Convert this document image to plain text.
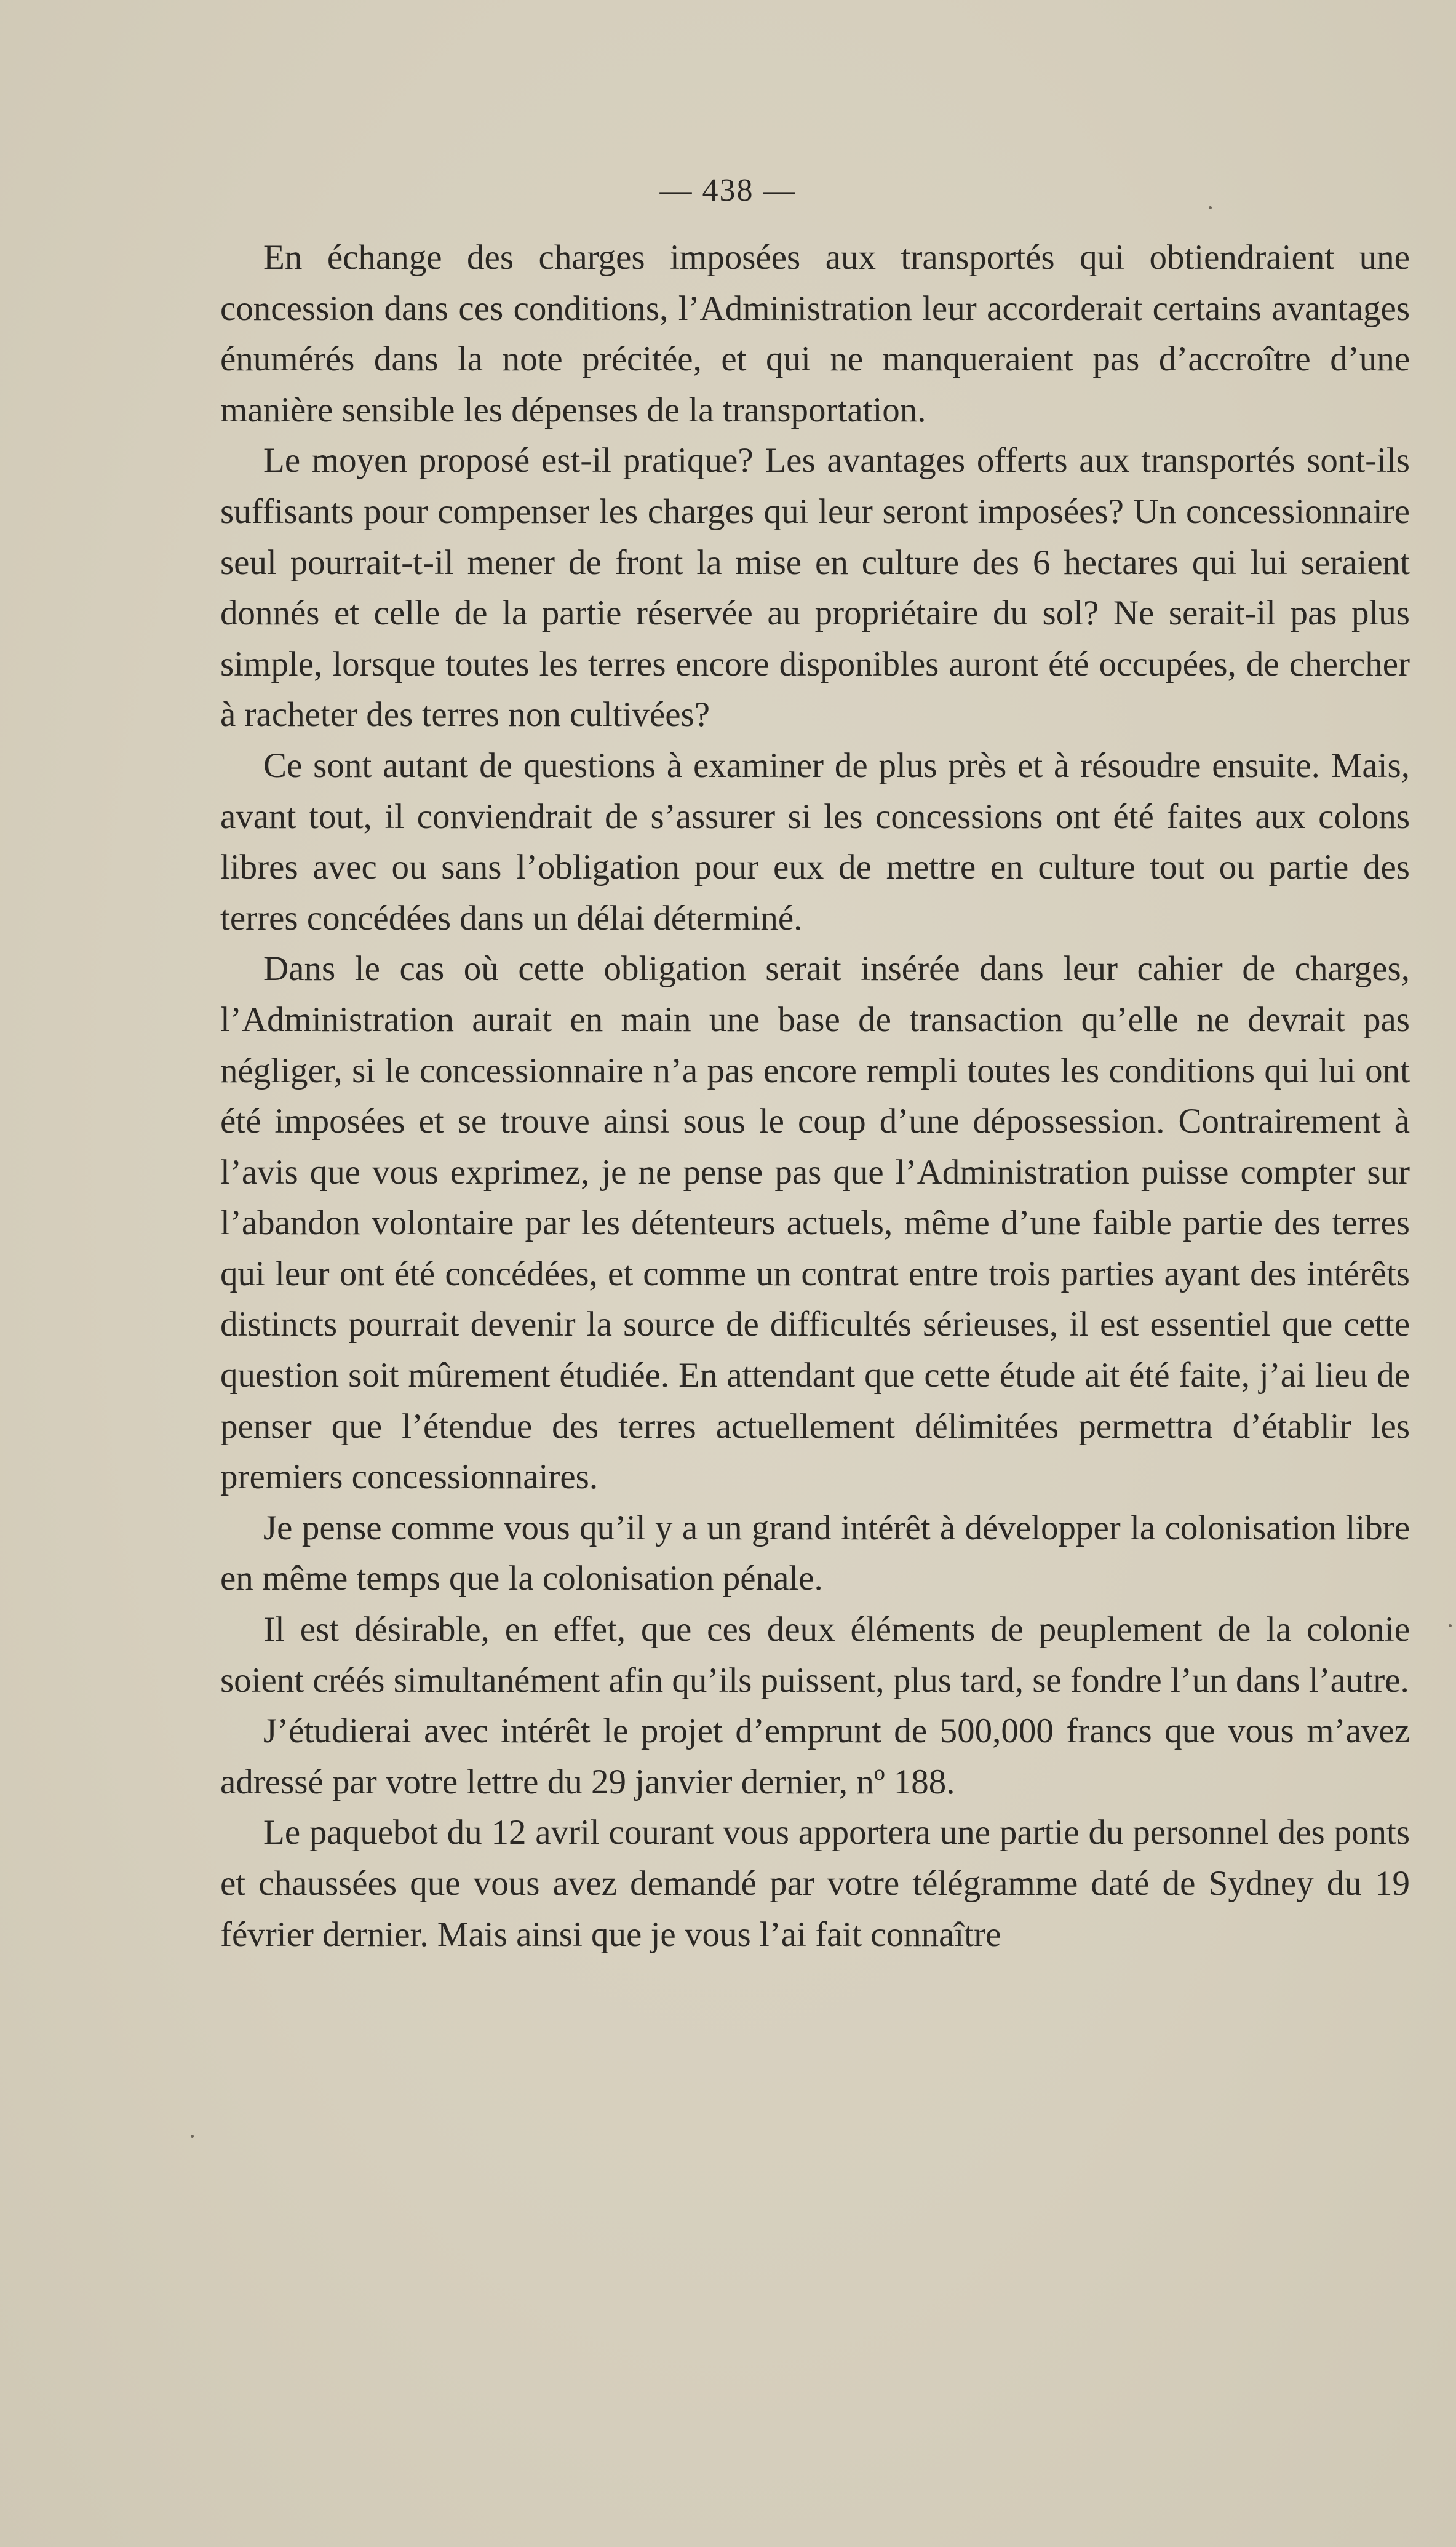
— 438 —

En échange des charges imposées aux transportés qui obtiendraient une concession dans ces conditions, l’Administration leur accorderait certains avantages énumérés dans la note précitée, et qui ne manqueraient pas d’accroître d’une manière sensible les dépenses de la transportation.

Le moyen proposé est-il pratique? Les avantages offerts aux transportés sont-ils suffisants pour compenser les charges qui leur seront imposées? Un concessionnaire seul pourrait-t-il mener de front la mise en culture des 6 hectares qui lui seraient donnés et celle de la partie réservée au propriétaire du sol? Ne serait-il pas plus simple, lorsque toutes les terres encore disponibles auront été occupées, de chercher à racheter des terres non cultivées?

Ce sont autant de questions à examiner de plus près et à résoudre ensuite. Mais, avant tout, il conviendrait de s’assurer si les concessions ont été faites aux colons libres avec ou sans l’obligation pour eux de mettre en culture tout ou partie des terres concédées dans un délai déterminé.

Dans le cas où cette obligation serait insérée dans leur cahier de charges, l’Administration aurait en main une base de transaction qu’elle ne devrait pas négliger, si le concessionnaire n’a pas encore rempli toutes les conditions qui lui ont été imposées et se trouve ainsi sous le coup d’une dépossession. Contrairement à l’avis que vous exprimez, je ne pense pas que l’Administration puisse compter sur l’abandon volontaire par les détenteurs actuels, même d’une faible partie des terres qui leur ont été concédées, et comme un contrat entre trois parties ayant des intérêts distincts pourrait devenir la source de difficultés sérieuses, il est essentiel que cette question soit mûrement étudiée. En attendant que cette étude ait été faite, j’ai lieu de penser que l’étendue des terres actuellement délimitées permettra d’établir les premiers concessionnaires.

Je pense comme vous qu’il y a un grand intérêt à développer la colonisation libre en même temps que la colonisation pénale.

Il est désirable, en effet, que ces deux éléments de peuplement de la colonie soient créés simultanément afin qu’ils puissent, plus tard, se fondre l’un dans l’autre.

J’étudierai avec intérêt le projet d’emprunt de 500,000 francs que vous m’avez adressé par votre lettre du 29 janvier dernier, nº 188.

Le paquebot du 12 avril courant vous apportera une partie du personnel des ponts et chaussées que vous avez demandé par votre télégramme daté de Sydney du 19 février dernier. Mais ainsi que je vous l’ai fait connaître
